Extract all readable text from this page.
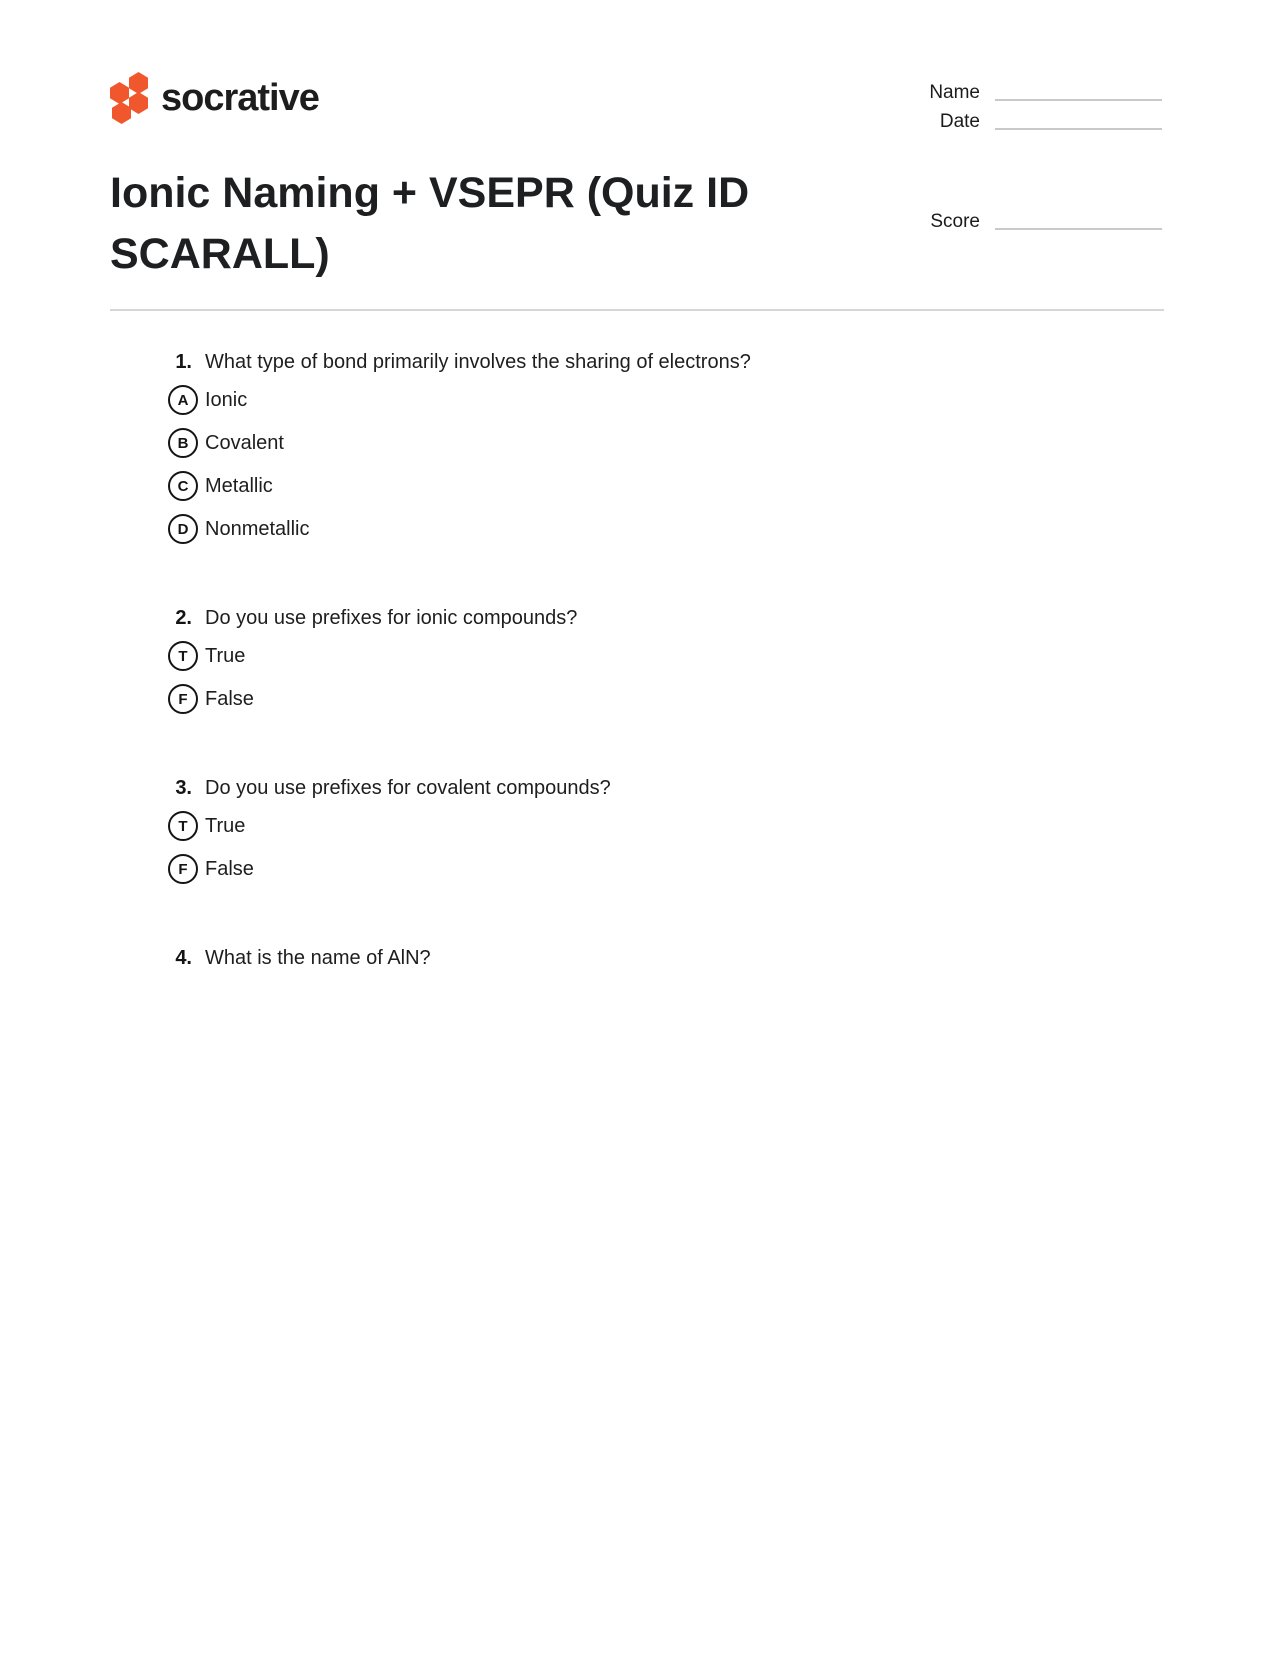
socrative	Name
Date
Score
Ionic Naming + VSEPR (Quiz ID SCARALL)
1. What type of bond primarily involves the sharing of electrons?
A Ionic
B Covalent
C Metallic
D Nonmetallic
2. Do you use prefixes for ionic compounds?
T True
F False
3. Do you use prefixes for covalent compounds?
T True
F False
4. What is the name of AlN?
